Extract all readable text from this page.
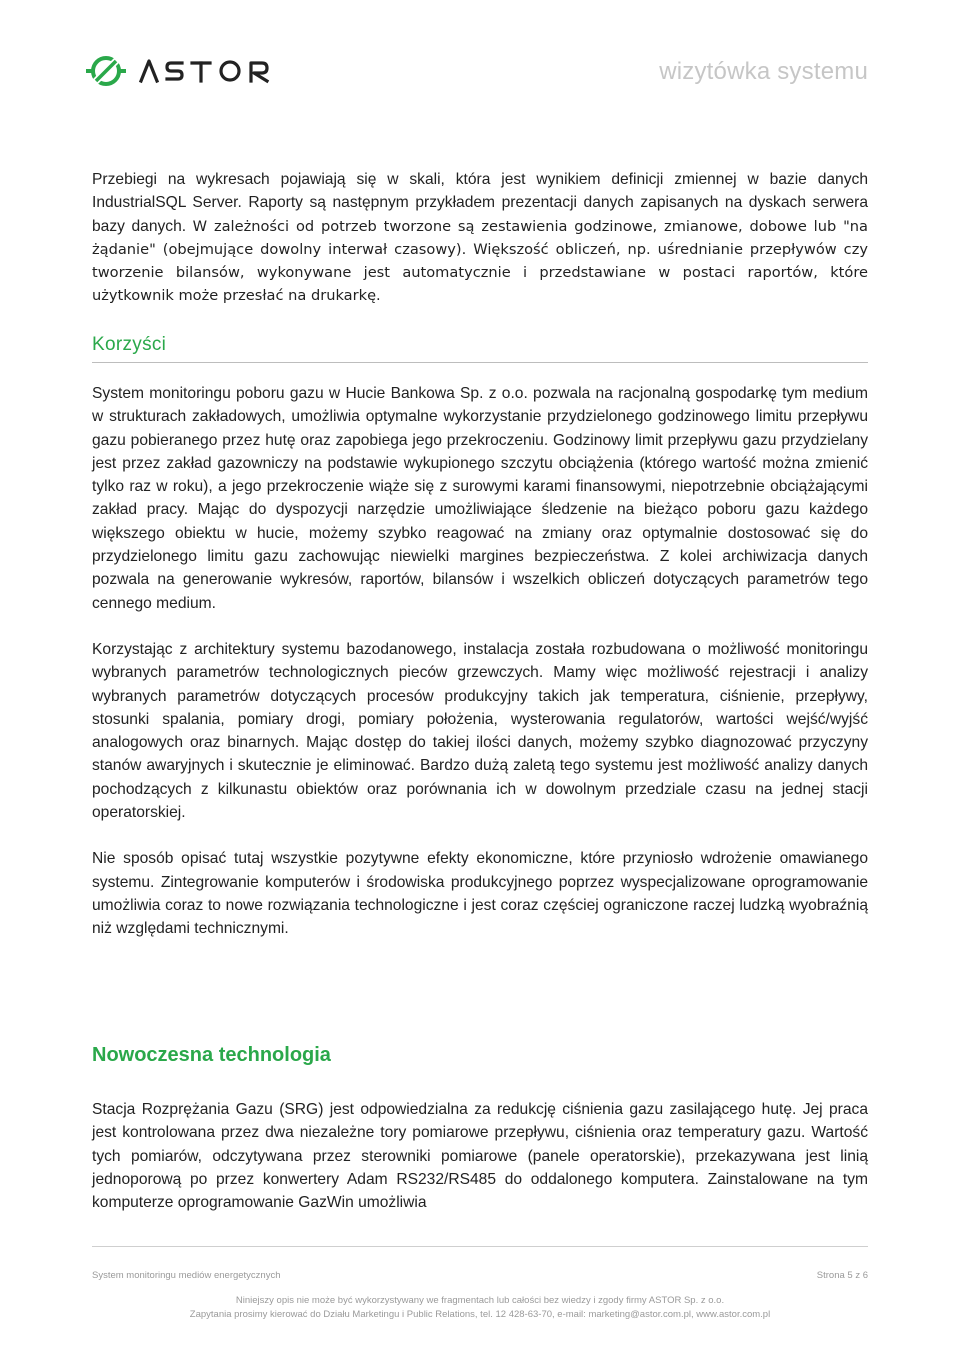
wizytówka systemu

Przebiegi na wykresach pojawiają się w skali, która jest wynikiem definicji zmiennej w bazie danych IndustrialSQL Server. Raporty są następnym przykładem prezentacji danych zapisanych na dyskach serwera bazy danych. W zależności od potrzeb tworzone są zestawienia godzinowe, zmianowe, dobowe lub "na żądanie" (obejmujące dowolny interwał czasowy). Większość obliczeń, np. uśrednianie przepływów czy tworzenie bilansów, wykonywane jest automatycznie i przedstawiane w postaci raportów, które użytkownik może przesłać na drukarkę.

Korzyści

System monitoringu poboru gazu w Hucie Bankowa Sp. z o.o. pozwala na racjonalną gospodarkę tym medium w strukturach zakładowych, umożliwia optymalne wykorzystanie przydzielonego godzinowego limitu przepływu gazu pobieranego przez hutę oraz zapobiega jego przekroczeniu. Godzinowy limit przepływu gazu przydzielany jest przez zakład gazowniczy na podstawie wykupionego szczytu obciążenia (którego wartość można zmienić tylko raz w roku), a jego przekroczenie wiąże się z surowymi karami finansowymi, niepotrzebnie obciążającymi zakład pracy. Mając do dyspozycji narzędzie umożliwiające śledzenie na bieżąco poboru gazu każdego większego obiektu w hucie, możemy szybko reagować na zmiany oraz optymalnie dostosować się do przydzielonego limitu gazu zachowując niewielki margines bezpieczeństwa. Z kolei archiwizacja danych pozwala na generowanie wykresów, raportów, bilansów i wszelkich obliczeń dotyczących parametrów tego cennego medium.

Korzystając z architektury systemu bazodanowego, instalacja została rozbudowana o możliwość monitoringu wybranych parametrów technologicznych pieców grzewczych. Mamy więc możliwość rejestracji i analizy wybranych parametrów dotyczących procesów produkcyjny takich jak temperatura, ciśnienie, przepływy, stosunki spalania, pomiary drogi, pomiary położenia, wysterowania regulatorów, wartości wejść/wyjść analogowych oraz binarnych. Mając dostęp do takiej ilości danych, możemy szybko diagnozować przyczyny stanów awaryjnych i skutecznie je eliminować. Bardzo dużą zaletą tego systemu jest możliwość analizy danych pochodzących z kilkunastu obiektów oraz porównania ich w dowolnym przedziale czasu na jednej stacji operatorskiej.

Nie sposób opisać tutaj wszystkie pozytywne efekty ekonomiczne, które przyniosło wdrożenie omawianego systemu. Zintegrowanie komputerów i środowiska produkcyjnego poprzez wyspecjalizowane oprogramowanie umożliwia coraz to nowe rozwiązania technologiczne i jest coraz częściej ograniczone raczej ludzką wyobraźnią niż względami technicznymi.

Nowoczesna technologia

Stacja Rozprężania Gazu (SRG) jest odpowiedzialna za redukcję ciśnienia gazu zasilającego hutę. Jej praca jest kontrolowana przez dwa niezależne tory pomiarowe przepływu, ciśnienia oraz temperatury gazu. Wartość tych pomiarów, odczytywana przez sterowniki pomiarowe (panele operatorskie), przekazywana jest linią jednoporową po przez konwertery Adam RS232/RS485 do oddalonego komputera. Zainstalowane na tym komputerze oprogramowanie GazWin umożliwia

System monitoringu mediów energetycznych	Strona 5 z 6
Niniejszy opis nie może być wykorzystywany we fragmentach lub całości bez wiedzy i zgody firmy ASTOR Sp. z o.o.
Zapytania prosimy kierować do Działu Marketingu i Public Relations, tel. 12 428-63-70, e-mail: marketing@astor.com.pl, www.astor.com.pl
